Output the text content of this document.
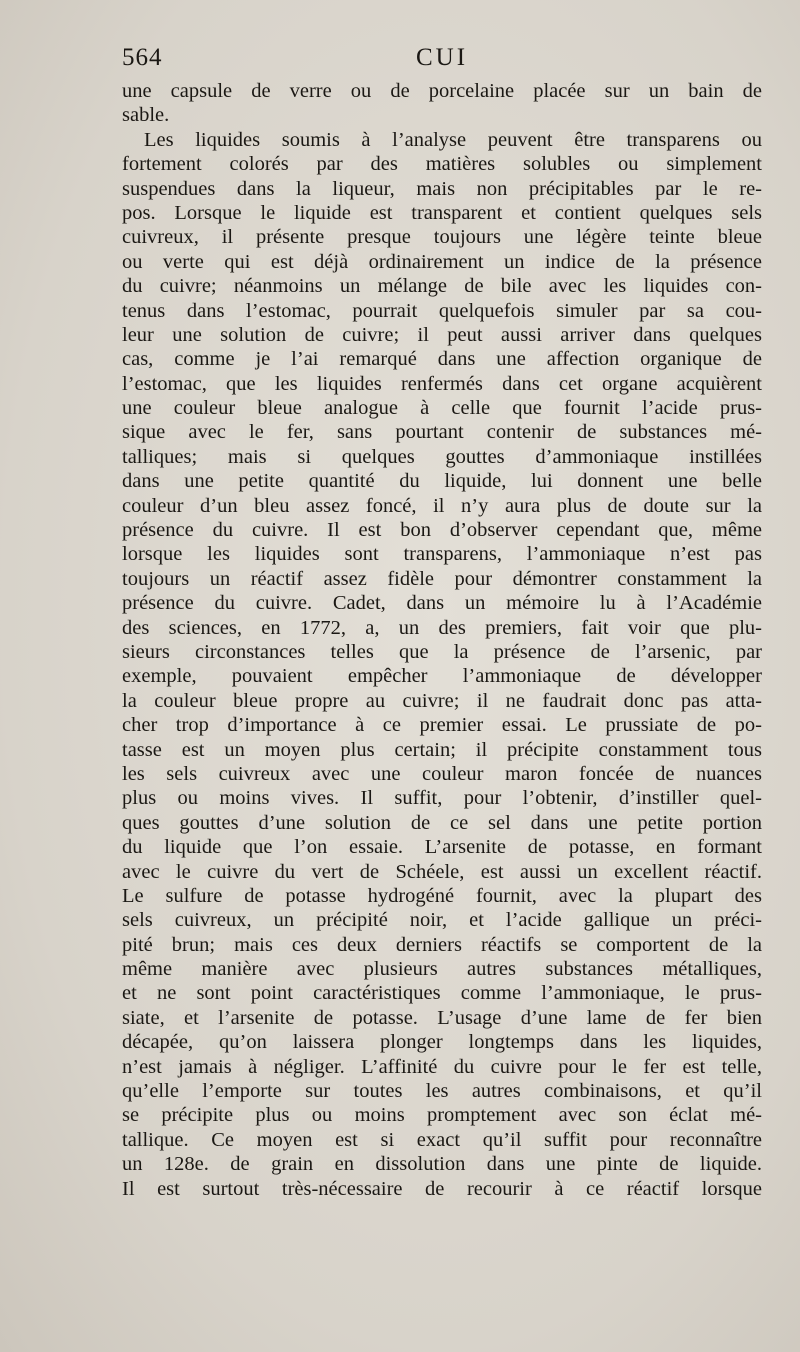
564	CUI
une capsule de verre ou de porcelaine placée sur un bain de
sable.
Les liquides soumis à l’analyse peuvent être transparens ou
fortement colorés par des matières solubles ou simplement
suspendues dans la liqueur, mais non précipitables par le re-
pos. Lorsque le liquide est transparent et contient quelques sels
cuivreux, il présente presque toujours une légère teinte bleue
ou verte qui est déjà ordinairement un indice de la présence
du cuivre; néanmoins un mélange de bile avec les liquides con-
tenus dans l’estomac, pourrait quelquefois simuler par sa cou-
leur une solution de cuivre; il peut aussi arriver dans quelques
cas, comme je l’ai remarqué dans une affection organique de
l’estomac, que les liquides renfermés dans cet organe acquièrent
une couleur bleue analogue à celle que fournit l’acide prus-
sique avec le fer, sans pourtant contenir de substances mé-
talliques; mais si quelques gouttes d’ammoniaque instillées
dans une petite quantité du liquide, lui donnent une belle
couleur d’un bleu assez foncé, il n’y aura plus de doute sur la
présence du cuivre. Il est bon d’observer cependant que, même
lorsque les liquides sont transparens, l’ammoniaque n’est pas
toujours un réactif assez fidèle pour démontrer constamment la
présence du cuivre. Cadet, dans un mémoire lu à l’Académie
des sciences, en 1772, a, un des premiers, fait voir que plu-
sieurs circonstances telles que la présence de l’arsenic, par
exemple, pouvaient empêcher l’ammoniaque de développer
la couleur bleue propre au cuivre; il ne faudrait donc pas atta-
cher trop d’importance à ce premier essai. Le prussiate de po-
tasse est un moyen plus certain; il précipite constamment tous
les sels cuivreux avec une couleur maron foncée de nuances
plus ou moins vives. Il suffit, pour l’obtenir, d’instiller quel-
ques gouttes d’une solution de ce sel dans une petite portion
du liquide que l’on essaie. L’arsenite de potasse, en formant
avec le cuivre du vert de Schéele, est aussi un excellent réactif.
Le sulfure de potasse hydrogéné fournit, avec la plupart des
sels cuivreux, un précipité noir, et l’acide gallique un préci-
pité brun; mais ces deux derniers réactifs se comportent de la
même manière avec plusieurs autres substances métalliques,
et ne sont point caractéristiques comme l’ammoniaque, le prus-
siate, et l’arsenite de potasse. L’usage d’une lame de fer bien
décapée, qu’on laissera plonger longtemps dans les liquides,
n’est jamais à négliger. L’affinité du cuivre pour le fer est telle,
qu’elle l’emporte sur toutes les autres combinaisons, et qu’il
se précipite plus ou moins promptement avec son éclat mé-
tallique. Ce moyen est si exact qu’il suffit pour reconnaître
un 128e. de grain en dissolution dans une pinte de liquide.
Il est surtout très-nécessaire de recourir à ce réactif lorsque
